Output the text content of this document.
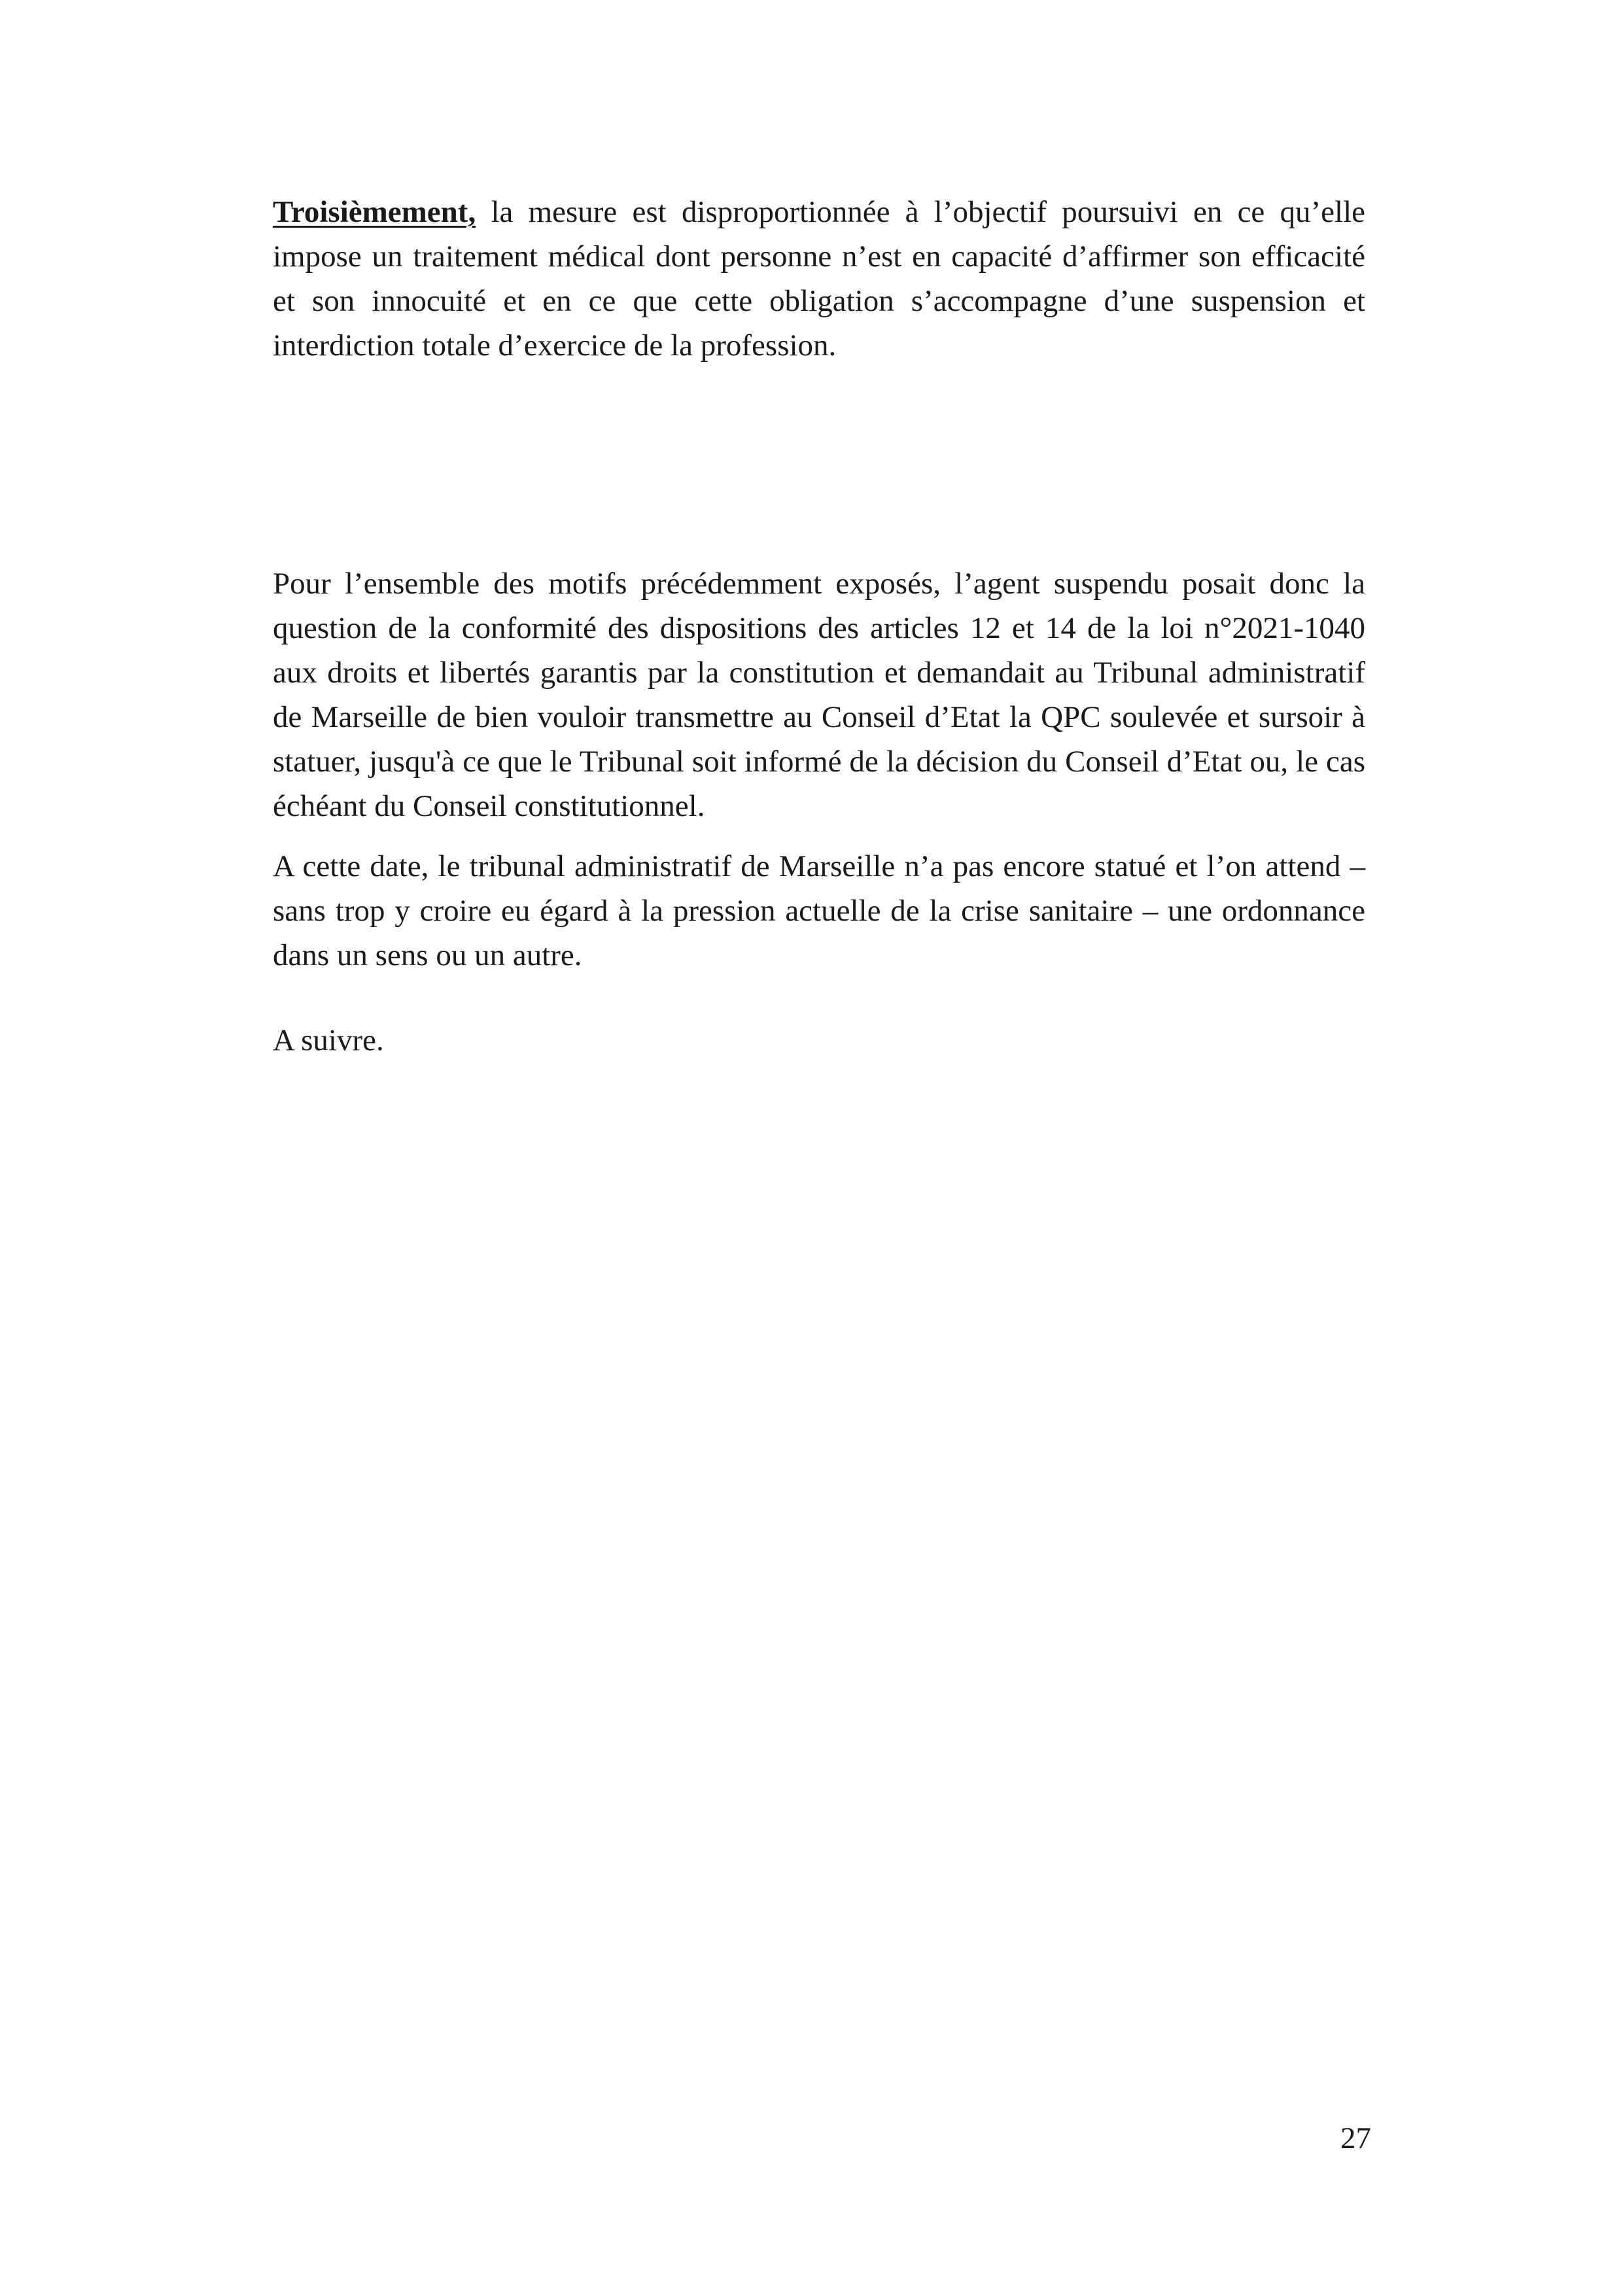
Troisièmement, la mesure est disproportionnée à l’objectif poursuivi en ce qu’elle impose un traitement médical dont personne n’est en capacité d’affirmer son efficacité et son innocuité et en ce que cette obligation s’accompagne d’une suspension et interdiction totale d’exercice de la profession.

Pour l’ensemble des motifs précédemment exposés, l’agent suspendu posait donc la question de la conformité des dispositions des articles 12 et 14 de la loi n°2021-1040 aux droits et libertés garantis par la constitution et demandait au Tribunal administratif de Marseille de bien vouloir transmettre au Conseil d’Etat la QPC soulevée et sursoir à statuer, jusqu'à ce que le Tribunal soit informé de la décision du Conseil d’Etat ou, le cas échéant du Conseil constitutionnel.

A cette date, le tribunal administratif de Marseille n’a pas encore statué et l’on attend – sans trop y croire eu égard à la pression actuelle de la crise sanitaire – une ordonnance dans un sens ou un autre.

A suivre.

27
